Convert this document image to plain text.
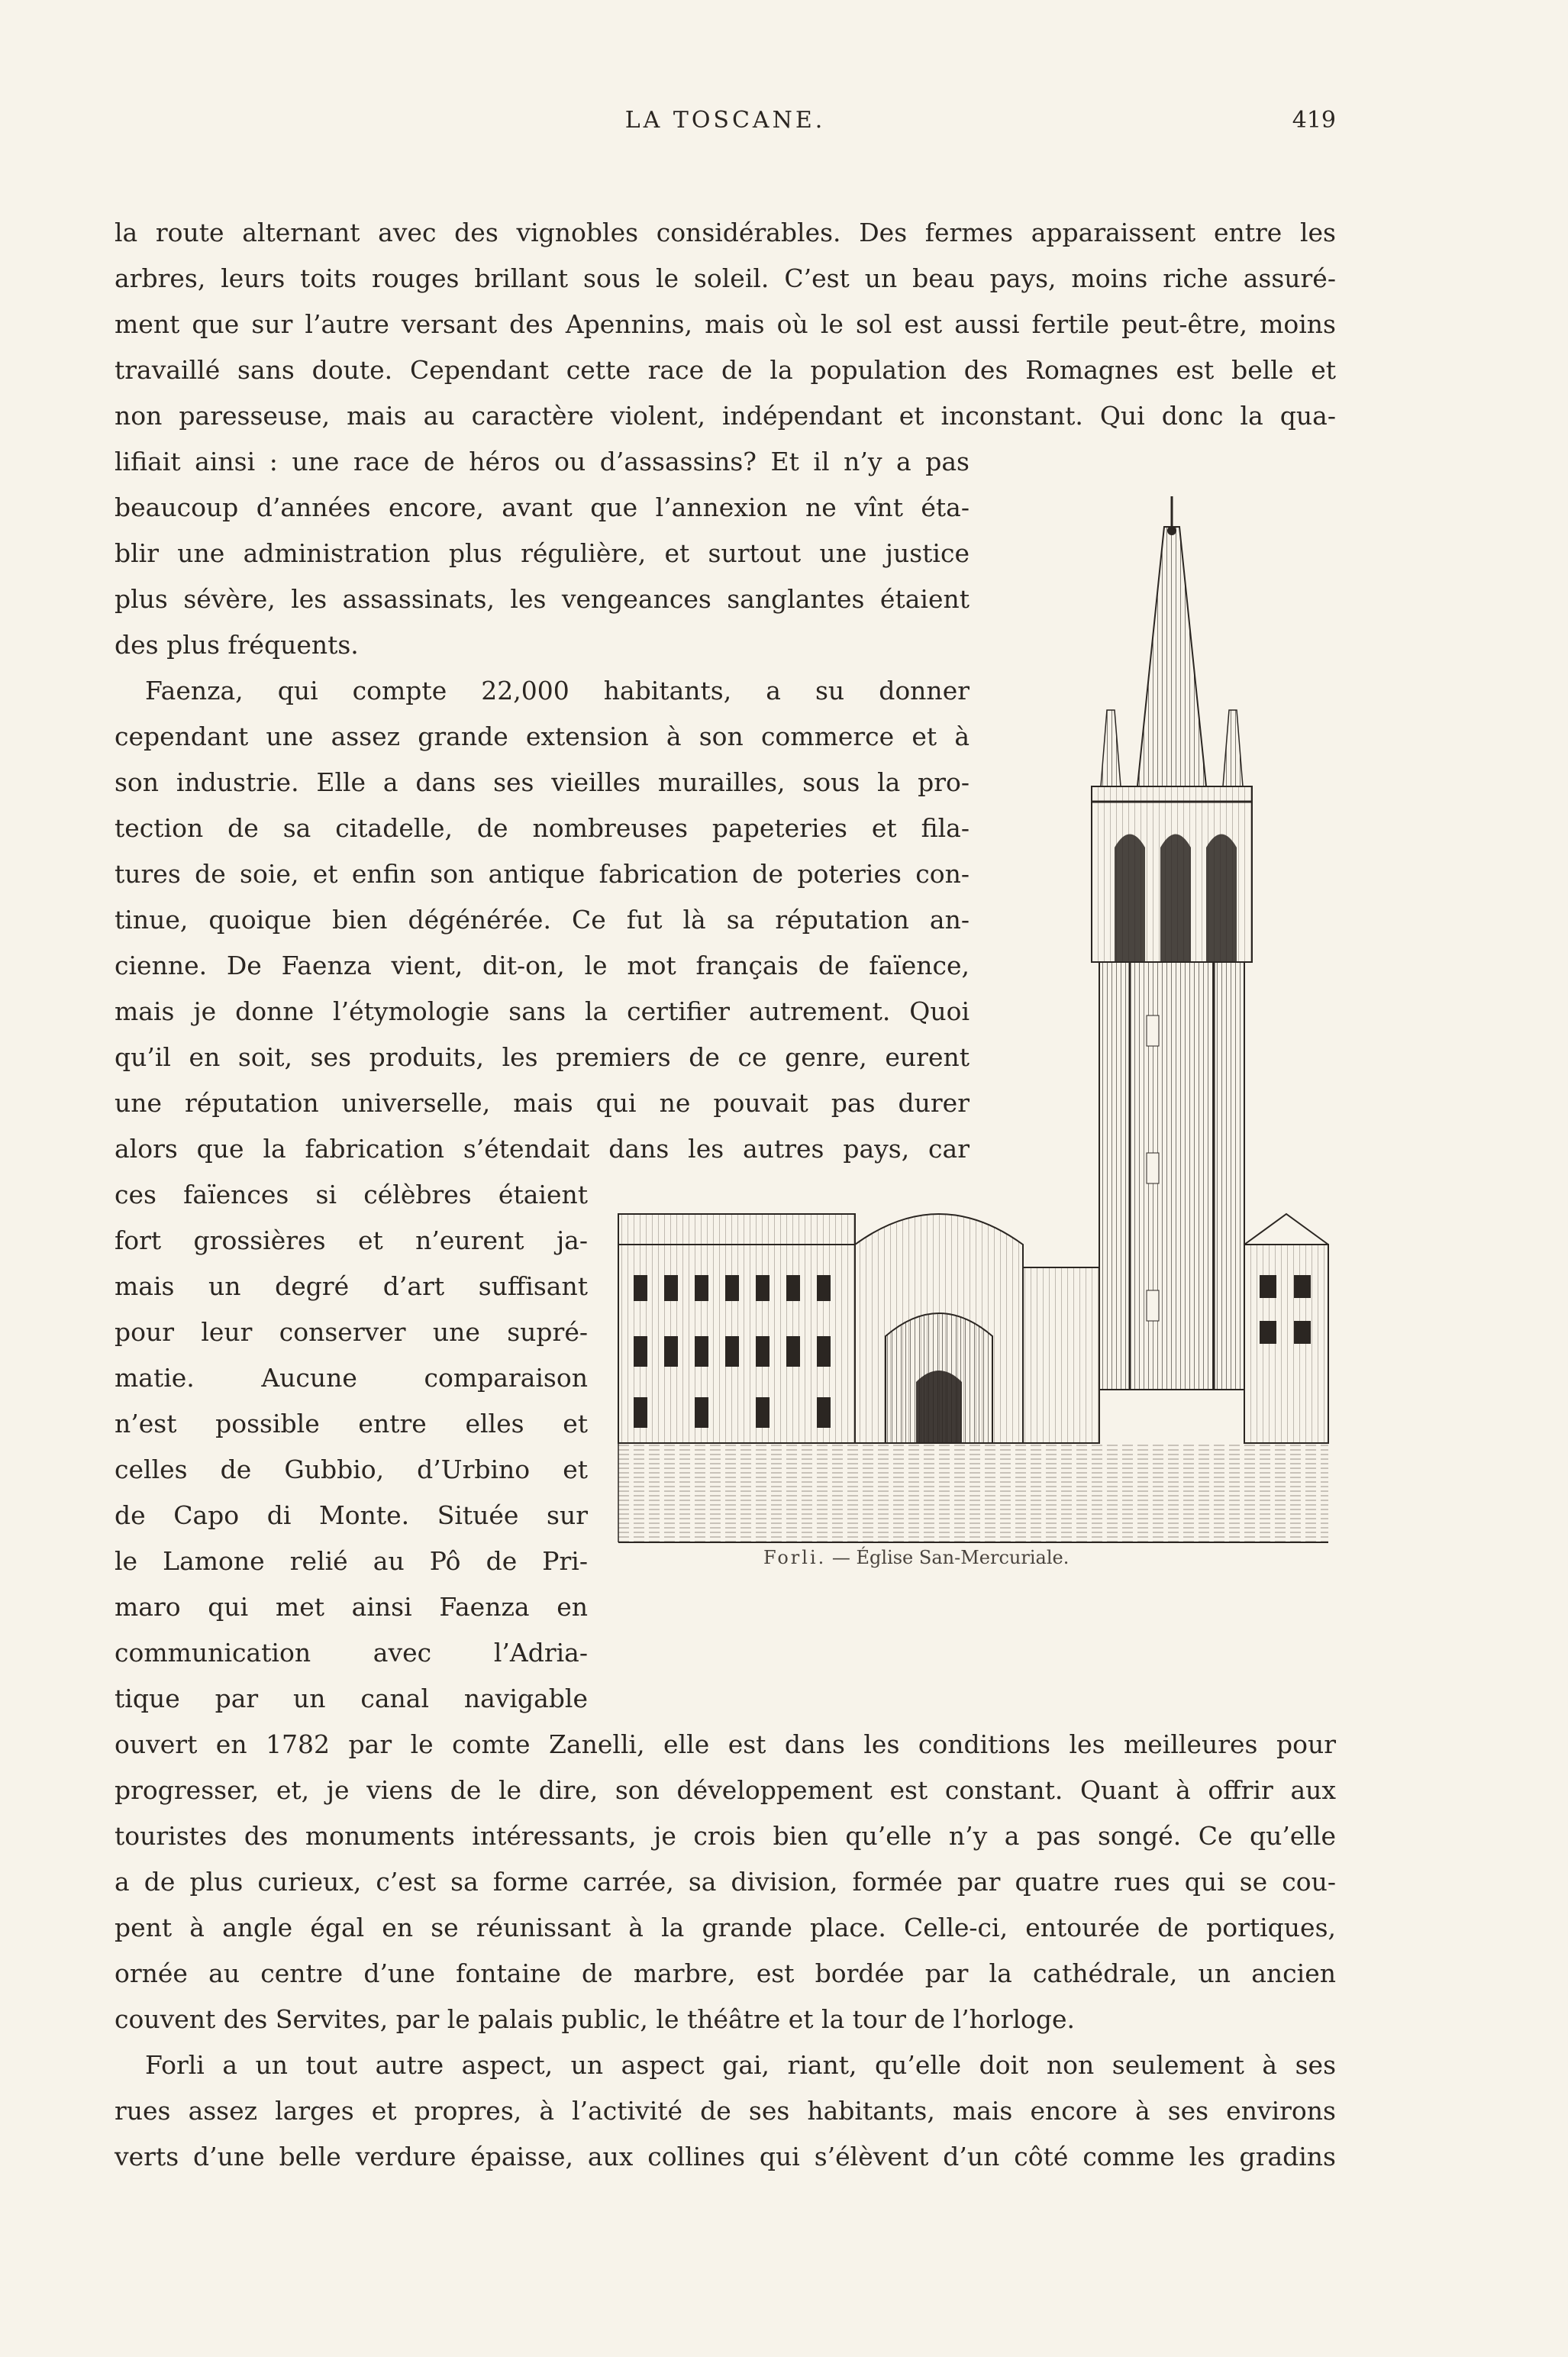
LA TOSCANE.	419
la route alternant avec des vignobles considérables. Des fermes apparaissent entre les
arbres, leurs toits rouges brillant sous le soleil. C’est un beau pays, moins riche assuré-
ment que sur l’autre versant des Apennins, mais où le sol est aussi fertile peut-être, moins
travaillé sans doute. Cependant cette race de la population des Romagnes est belle et
non paresseuse, mais au caractère violent, indépendant et inconstant. Qui donc la qua-
lifiait ainsi : une race de héros ou d’assassins? Et il n’y a pas
beaucoup d’années encore, avant que l’annexion ne vînt éta-
blir une administration plus régulière, et surtout une justice
plus sévère, les assassinats, les vengeances sanglantes étaient
des plus fréquents.
Faenza, qui compte 22,000 habitants, a su donner
cependant une assez grande extension à son commerce et à
son industrie. Elle a dans ses vieilles murailles, sous la pro-
tection de sa citadelle, de nombreuses papeteries et fila-
tures de soie, et enfin son antique fabrication de poteries con-
tinue, quoique bien dégénérée. Ce fut là sa réputation an-
cienne. De Faenza vient, dit-on, le mot français de faïence,
mais je donne l’étymologie sans la certifier autrement. Quoi
qu’il en soit, ses produits, les premiers de ce genre, eurent
une réputation universelle, mais qui ne pouvait pas durer
alors que la fabrication s’étendait dans les autres pays, car
ces faïences si célèbres étaient
fort grossières et n’eurent ja-
mais un degré d’art suffisant
pour leur conserver une supré-
matie. Aucune comparaison
n’est possible entre elles et
celles de Gubbio, d’Urbino et
de Capo di Monte. Située sur
le Lamone relié au Pô de Pri-
maro qui met ainsi Faenza en
communication avec l’Adria-
tique par un canal navigable
ouvert en 1782 par le comte Zanelli, elle est dans les conditions les meilleures pour
progresser, et, je viens de le dire, son développement est constant. Quant à offrir aux
touristes des monuments intéressants, je crois bien qu’elle n’y a pas songé. Ce qu’elle
a de plus curieux, c’est sa forme carrée, sa division, formée par quatre rues qui se cou-
pent à angle égal en se réunissant à la grande place. Celle-ci, entourée de portiques,
ornée au centre d’une fontaine de marbre, est bordée par la cathédrale, un ancien
couvent des Servites, par le palais public, le théâtre et la tour de l’horloge.
Forli a un tout autre aspect, un aspect gai, riant, qu’elle doit non seulement à ses
rues assez larges et propres, à l’activité de ses habitants, mais encore à ses environs
verts d’une belle verdure épaisse, aux collines qui s’élèvent d’un côté comme les gradins
Forli. — Église San-Mercuriale.
